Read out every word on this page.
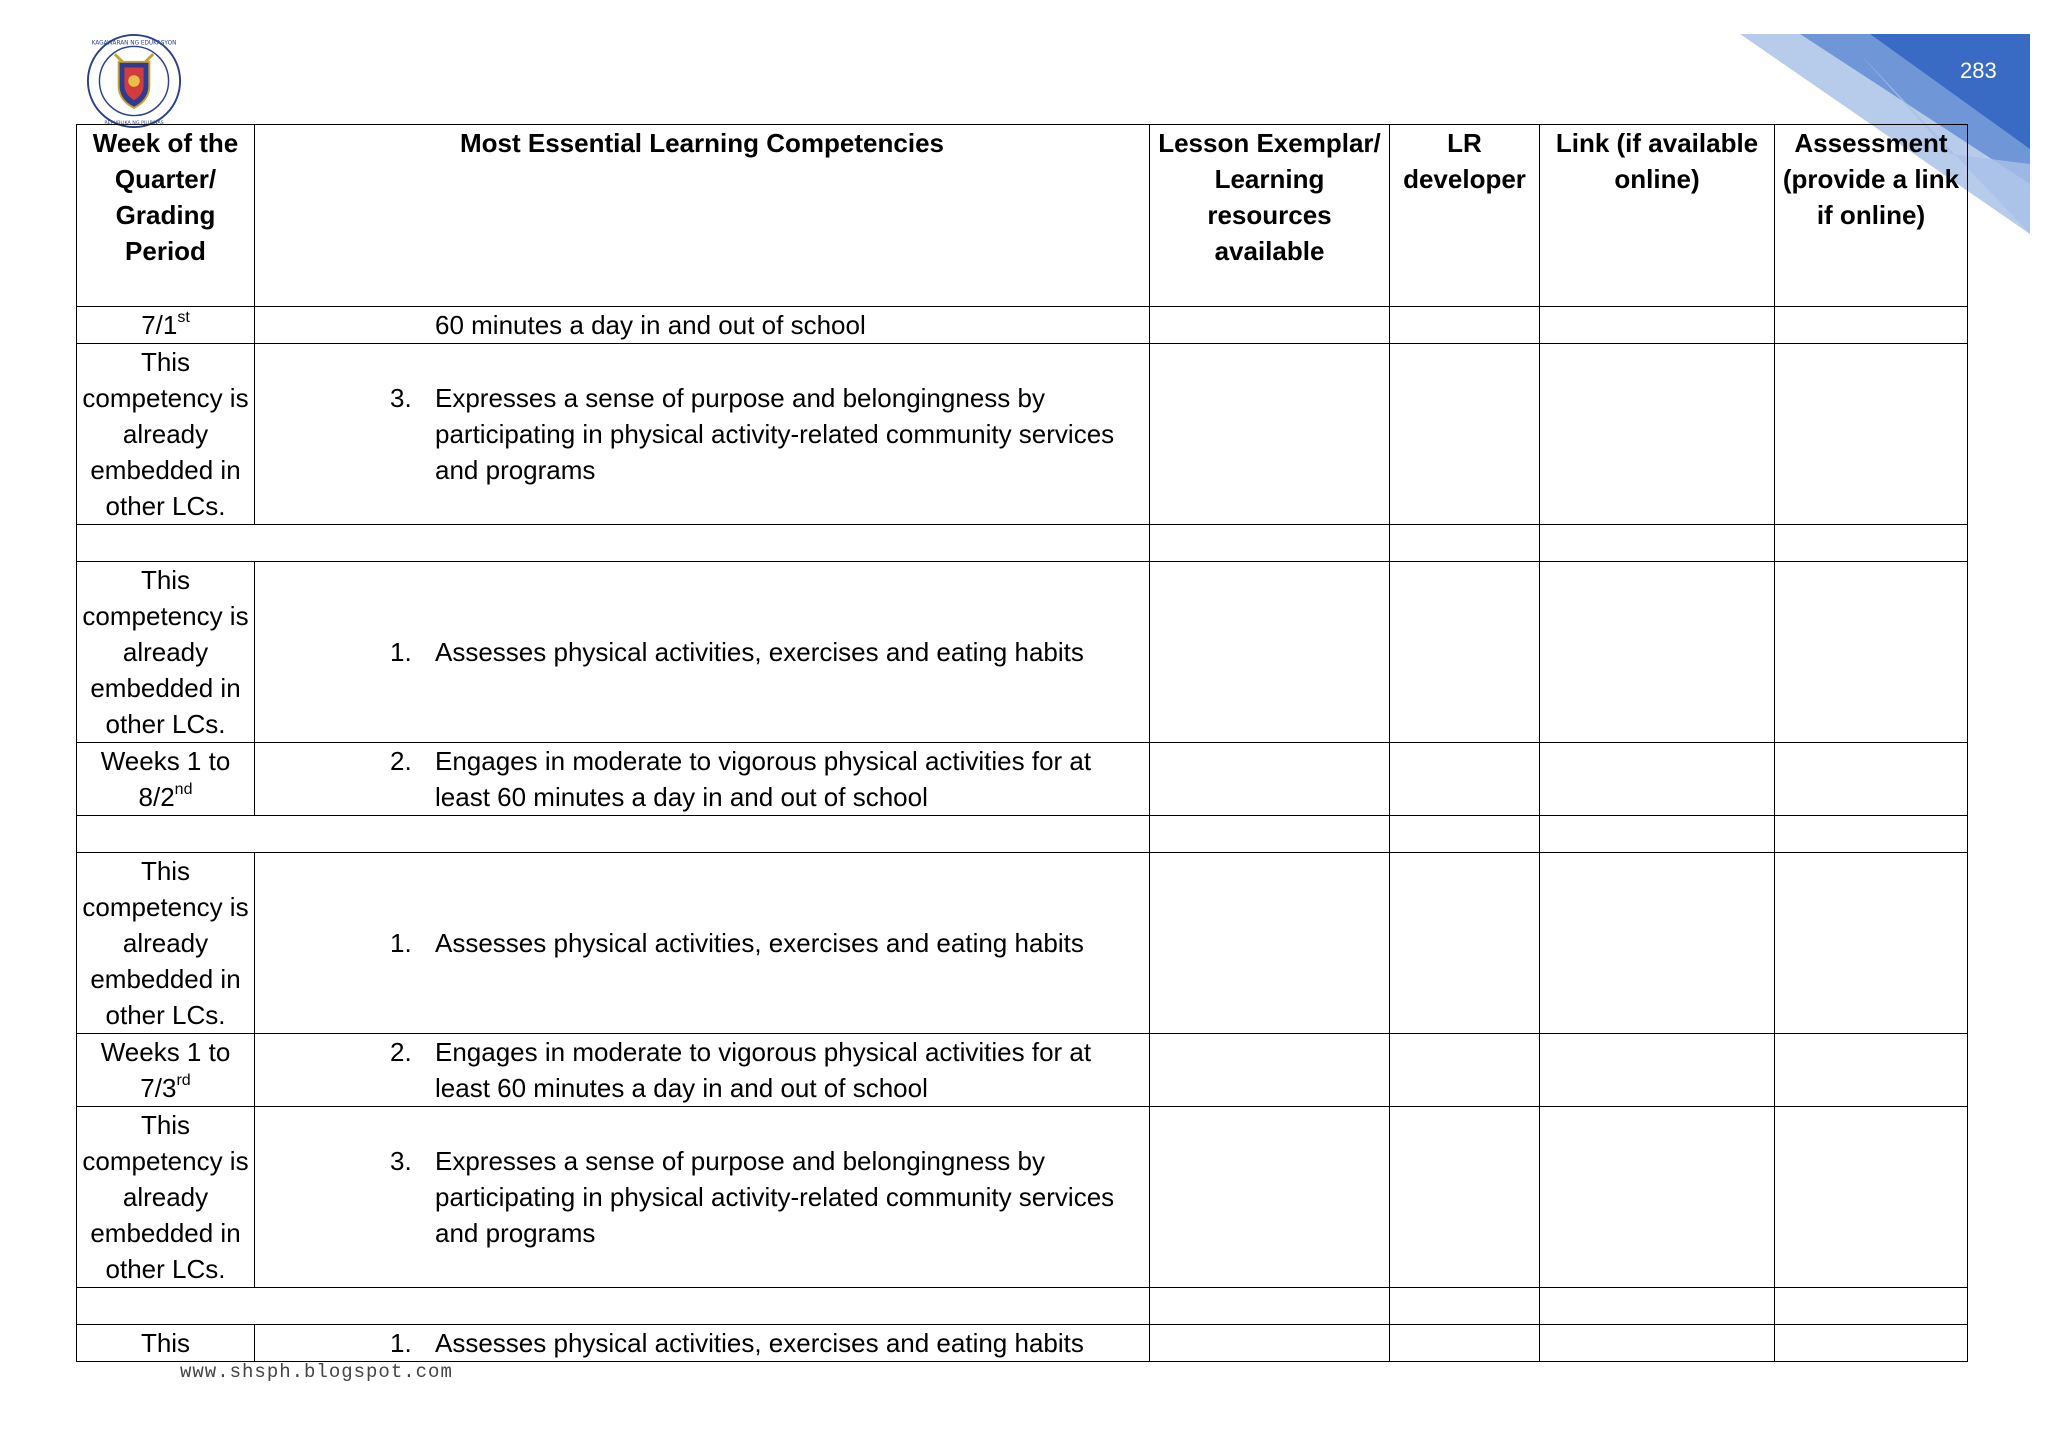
KAGAWARAN NG EDUKASYON
REPUBLIKA NG PILIPINAS
283
Week of the Quarter/ Grading Period	Most Essential Learning Competencies	Lesson Exemplar/ Learning resources available	LR developer	Link (if available online)	Assessment (provide a link if online)
7/1st	60 minutes a day in and out of school				
This competency is already embedded in other LCs.	3. Expresses a sense of purpose and belongingness by participating in physical activity-related community services and programs				

This competency is already embedded in other LCs.	1. Assesses physical activities, exercises and eating habits				

Weeks 1 to 8/2nd	2. Engages in moderate to vigorous physical activities for at least 60 minutes a day in and out of school				

This competency is already embedded in other LCs.	1. Assesses physical activities, exercises and eating habits				

Weeks 1 to 7/3rd	2. Engages in moderate to vigorous physical activities for at least 60 minutes a day in and out of school				

This competency is already embedded in other LCs.	3. Expresses a sense of purpose and belongingness by participating in physical activity-related community services and programs				

This	1. Assesses physical activities, exercises and eating habits				

www.shsph.blogspot.com
